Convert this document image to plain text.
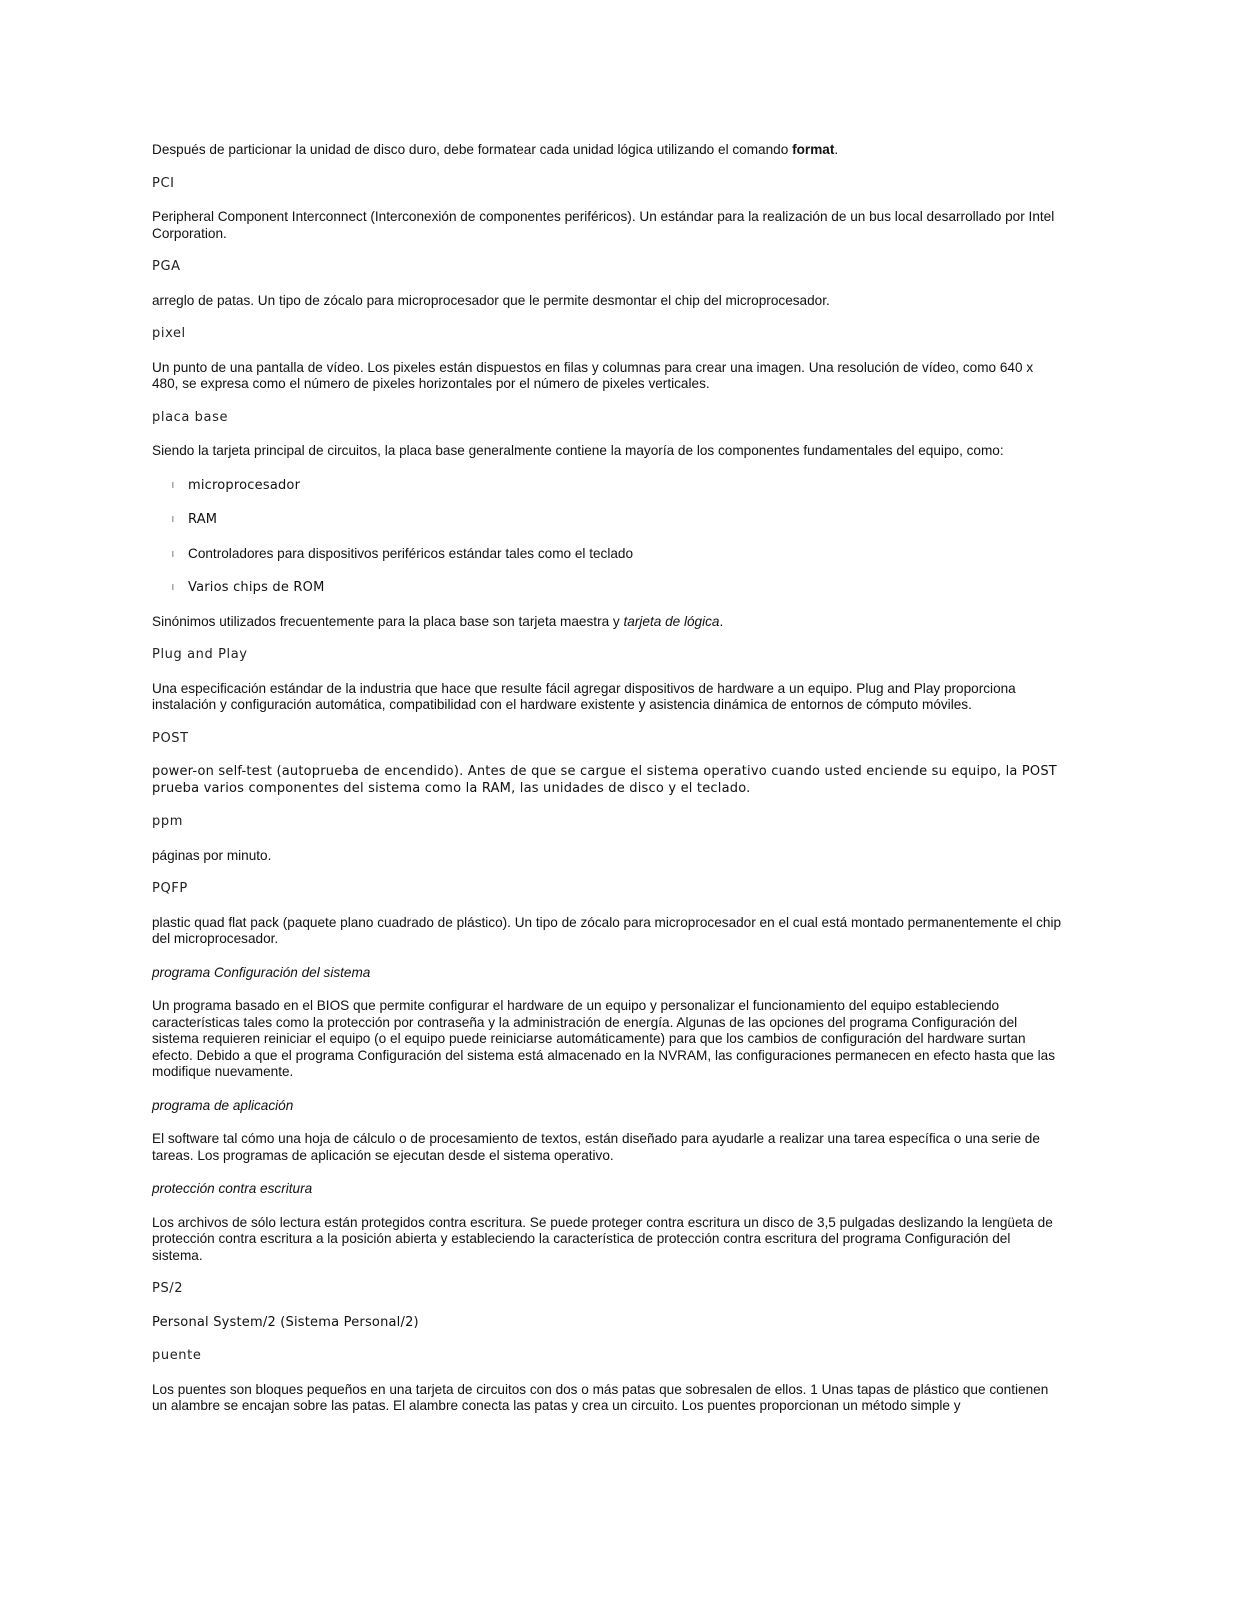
Después de particionar la unidad de disco duro, debe formatear cada unidad lógica utilizando el comando format.

PCI

Peripheral Component Interconnect (Interconexión de componentes periféricos). Un estándar para la realización de un bus local desarrollado por Intel Corporation.

PGA

arreglo de patas. Un tipo de zócalo para microprocesador que le permite desmontar el chip del microprocesador.

pixel

Un punto de una pantalla de vídeo. Los pixeles están dispuestos en filas y columnas para crear una imagen. Una resolución de vídeo, como 640 x 480, se expresa como el número de pixeles horizontales por el número de pixeles verticales.

placa base

Siendo la tarjeta principal de circuitos, la placa base generalmente contiene la mayoría de los componentes fundamentales del equipo, como:

l microprocesador
l RAM
l Controladores para dispositivos periféricos estándar tales como el teclado
l Varios chips de ROM

Sinónimos utilizados frecuentemente para la placa base son tarjeta maestra y tarjeta de lógica.

Plug and Play

Una especificación estándar de la industria que hace que resulte fácil agregar dispositivos de hardware a un equipo. Plug and Play proporciona instalación y configuración automática, compatibilidad con el hardware existente y asistencia dinámica de entornos de cómputo móviles.

POST

power-on self-test (autoprueba de encendido). Antes de que se cargue el sistema operativo cuando usted enciende su equipo, la POST prueba varios componentes del sistema como la RAM, las unidades de disco y el teclado.

ppm

páginas por minuto.

PQFP

plastic quad flat pack (paquete plano cuadrado de plástico). Un tipo de zócalo para microprocesador en el cual está montado permanentemente el chip del microprocesador.

programa Configuración del sistema

Un programa basado en el BIOS que permite configurar el hardware de un equipo y personalizar el funcionamiento del equipo estableciendo características tales como la protección por contraseña y la administración de energía. Algunas de las opciones del programa Configuración del sistema requieren reiniciar el equipo (o el equipo puede reiniciarse automáticamente) para que los cambios de configuración del hardware surtan efecto. Debido a que el programa Configuración del sistema está almacenado en la NVRAM, las configuraciones permanecen en efecto hasta que las modifique nuevamente.

programa de aplicación

El software tal cómo una hoja de cálculo o de procesamiento de textos, están diseñado para ayudarle a realizar una tarea específica o una serie de tareas. Los programas de aplicación se ejecutan desde el sistema operativo.

protección contra escritura

Los archivos de sólo lectura están protegidos contra escritura. Se puede proteger contra escritura un disco de 3,5 pulgadas deslizando la lengüeta de protección contra escritura a la posición abierta y estableciendo la característica de protección contra escritura del programa Configuración del sistema.

PS/2

Personal System/2 (Sistema Personal/2)

puente

Los puentes son bloques pequeños en una tarjeta de circuitos con dos o más patas que sobresalen de ellos. 1 Unas tapas de plástico que contienen un alambre se encajan sobre las patas. El alambre conecta las patas y crea un circuito. Los puentes proporcionan un método simple y
